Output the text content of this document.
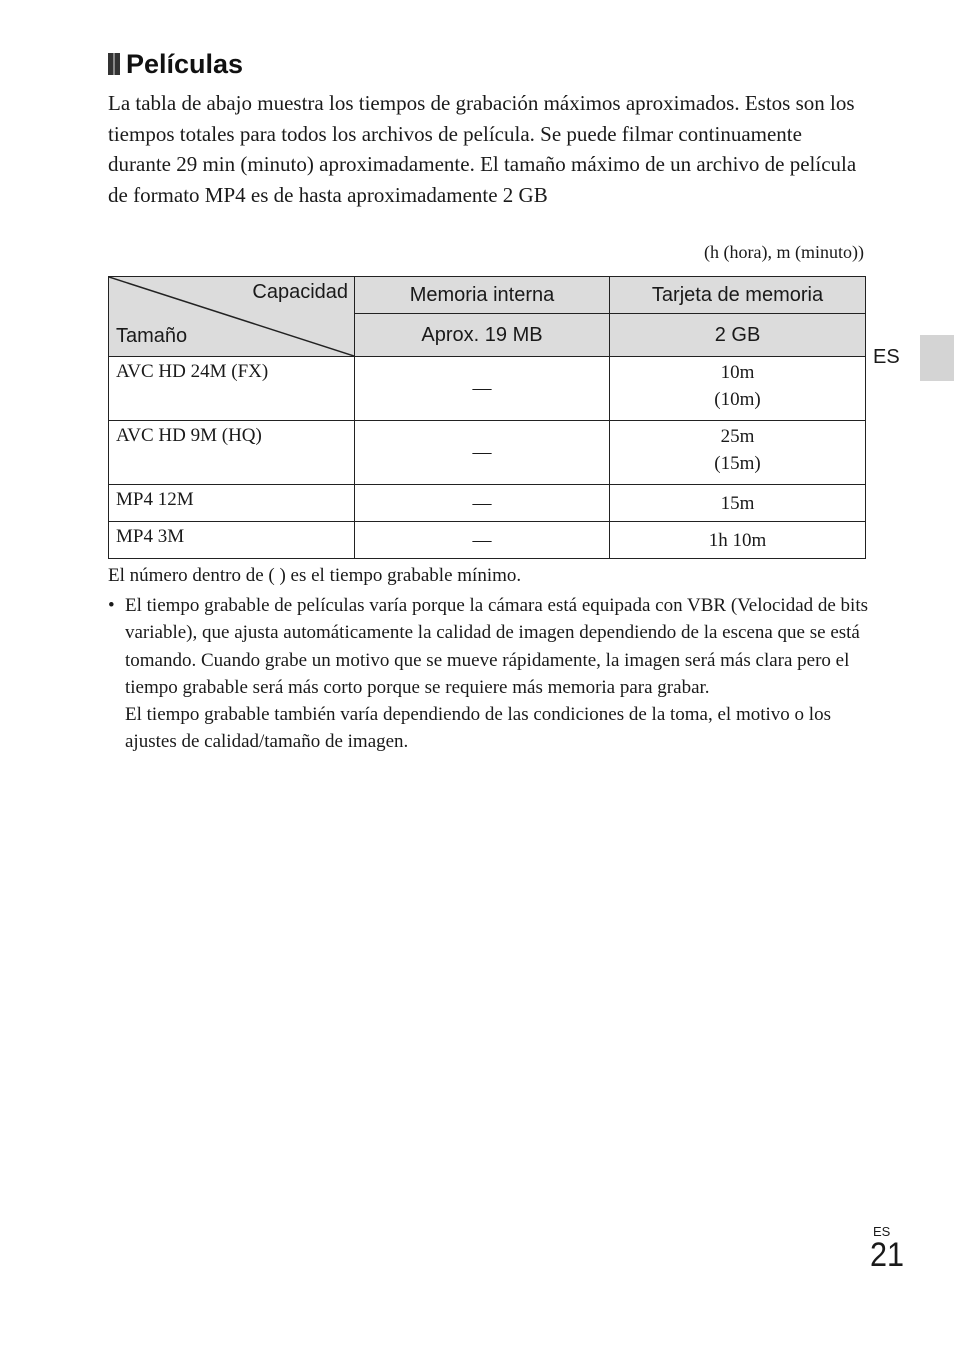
Películas

La tabla de abajo muestra los tiempos de grabación máximos aproximados. Estos son los tiempos totales para todos los archivos de película. Se puede filmar continuamente durante 29 min (minuto) aproximadamente. El tamaño máximo de un archivo de película de formato MP4 es de hasta aproximadamente 2 GB

(h (hora), m (minuto))
Capacidad
Tamaño	Memoria interna	Tarjeta de memoria
	Aprox. 19 MB	2 GB
AVC HD 24M (FX)	—	10m
(10m)

AVC HD 9M (HQ)	—	25m
(15m)

MP4 12M	—	15m
MP4 3M	—	1h 10m

El número dentro de ( ) es el tiempo grabable mínimo.

• El tiempo grabable de películas varía porque la cámara está equipada con VBR (Velocidad de bits variable), que ajusta automáticamente la calidad de imagen dependiendo de la escena que se está tomando. Cuando grabe un motivo que se mueve rápidamente, la imagen será más clara pero el tiempo grabable será más corto porque se requiere más memoria para grabar.
El tiempo grabable también varía dependiendo de las condiciones de la toma, el motivo o los ajustes de calidad/tamaño de imagen.
ES
ES
21
